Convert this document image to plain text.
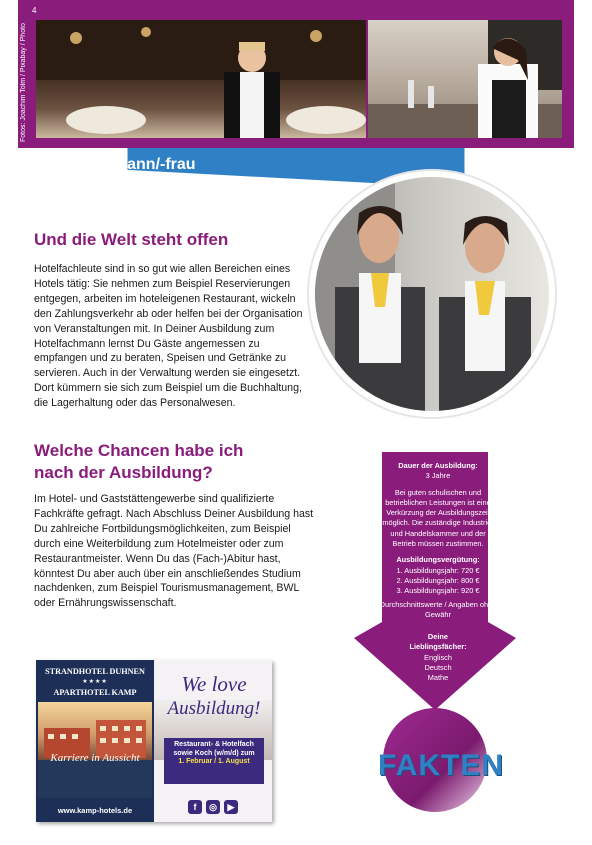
4
Fotos: Joachim Tolm / Pixabay / Photo
Hotelfachmann/-frau
Und die Welt steht offen
Hotelfachleute sind in so gut wie allen Bereichen eines Hotels tätig: Sie nehmen zum Beispiel Reservierungen entgegen, arbeiten im hoteleigenen Restaurant, wickeln den Zahlungsverkehr ab oder helfen bei der Organisation von Veranstaltungen mit. In Deiner Ausbildung zum Hotelfachmann lernst Du Gäste angemessen zu empfangen und zu beraten, Speisen und Getränke zu servieren. Auch in der Verwaltung werden sie eingesetzt. Dort kümmern sie sich zum Beispiel um die Buchhaltung, die Lagerhaltung oder das Personalwesen.
Welche Chancen habe ich
nach der Ausbildung?
Im Hotel- und Gaststättengewerbe sind qualifizierte Fachkräfte gefragt. Nach Abschluss Deiner Ausbildung hast Du zahlreiche Fortbildungsmöglichkeiten, zum Beispiel durch eine Weiterbildung zum Hotelmeister oder zum Restaurantmeister. Wenn Du das (Fach-)Abitur hast, könntest Du aber auch über ein anschließendes Studium nachdenken, zum Beispiel Tourismusmanagement, BWL oder Ernährungswissenschaft.
Dauer der Ausbildung:
3 Jahre
Bei guten schulischen und betrieblichen Leistungen ist eine Verkürzung der Ausbildungszeit möglich. Die zuständige Industrie- und Handelskammer und der Betrieb müssen zustimmen.
Ausbildungsvergütung:
1. Ausbildungsjahr: 720 €
2. Ausbildungsjahr: 800 €
3. Ausbildungsjahr: 920 €
Durchschnittswerte / Angaben ohne Gewähr
Deine
Lieblingsfächer:
Englisch
Deutsch
Mathe
FAKTEN
STRANDHOTEL DUHNEN
★★★★
APARTHOTEL KAMP
Karriere in Aussicht
www.kamp-hotels.de
We love
Ausbildung!
Restaurant- & Hotelfach
sowie Koch (w/m/d) zum
1. Februar / 1. August
f	◎	▶
